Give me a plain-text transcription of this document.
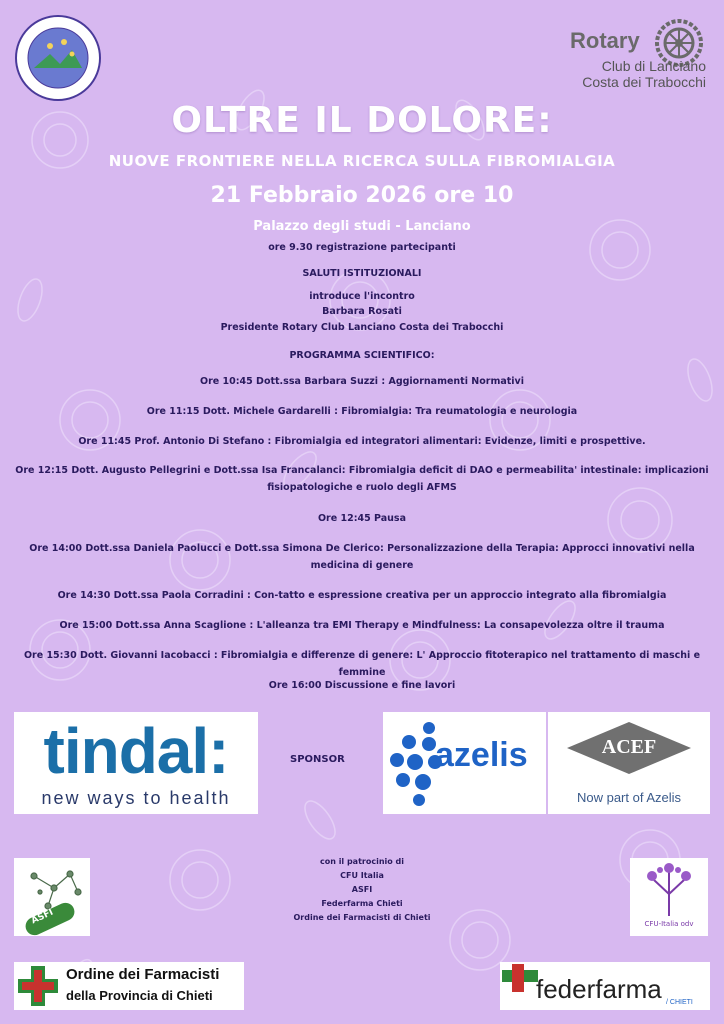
Rotary
Club di Lanciano
Costa dei Trabocchi
OLTRE IL DOLORE:
NUOVE FRONTIERE NELLA RICERCA SULLA FIBROMIALGIA
21 Febbraio 2026 ore 10
Palazzo degli studi - Lanciano
ore 9.30 registrazione partecipanti
SALUTI ISTITUZIONALI
introduce l'incontro
Barbara Rosati
Presidente Rotary Club Lanciano Costa dei Trabocchi
PROGRAMMA SCIENTIFICO:
Ore 10:45 Dott.ssa Barbara Suzzi : Aggiornamenti Normativi
Ore 11:15 Dott. Michele Gardarelli : Fibromialgia: Tra reumatologia e neurologia
Ore 11:45 Prof. Antonio Di Stefano : Fibromialgia ed integratori alimentari: Evidenze, limiti e prospettive.
Ore 12:15 Dott. Augusto Pellegrini e Dott.ssa Isa Francalanci: Fibromialgia deficit di DAO e permeabilita' intestinale: implicazioni fisiopatologiche e ruolo degli AFMS
Ore 12:45 Pausa
Ore 14:00 Dott.ssa Daniela Paolucci e Dott.ssa Simona De Clerico: Personalizzazione della Terapia: Approcci innovativi nella medicina di genere
Ore 14:30 Dott.ssa Paola Corradini : Con-tatto e espressione creativa per un approccio integrato alla fibromialgia
Ore 15:00 Dott.ssa Anna Scaglione : L'alleanza tra EMI Therapy e Mindfulness: La consapevolezza oltre il trauma
Ore 15:30 Dott. Giovanni Iacobacci : Fibromialgia e differenze di genere: L' Approccio fitoterapico nel trattamento di maschi e femmine
Ore 16:00 Discussione e fine lavori
tindal:
new ways to health
SPONSOR	azelis	ACEF
Now part of Azelis
ASFI
con il patrocinio di
CFU Italia
ASFI
Federfarma Chieti
Ordine dei Farmacisti di Chieti
CFU-Italia odv
Ordine dei Farmacisti
della Provincia di Chieti	federfarma / CHIETI
